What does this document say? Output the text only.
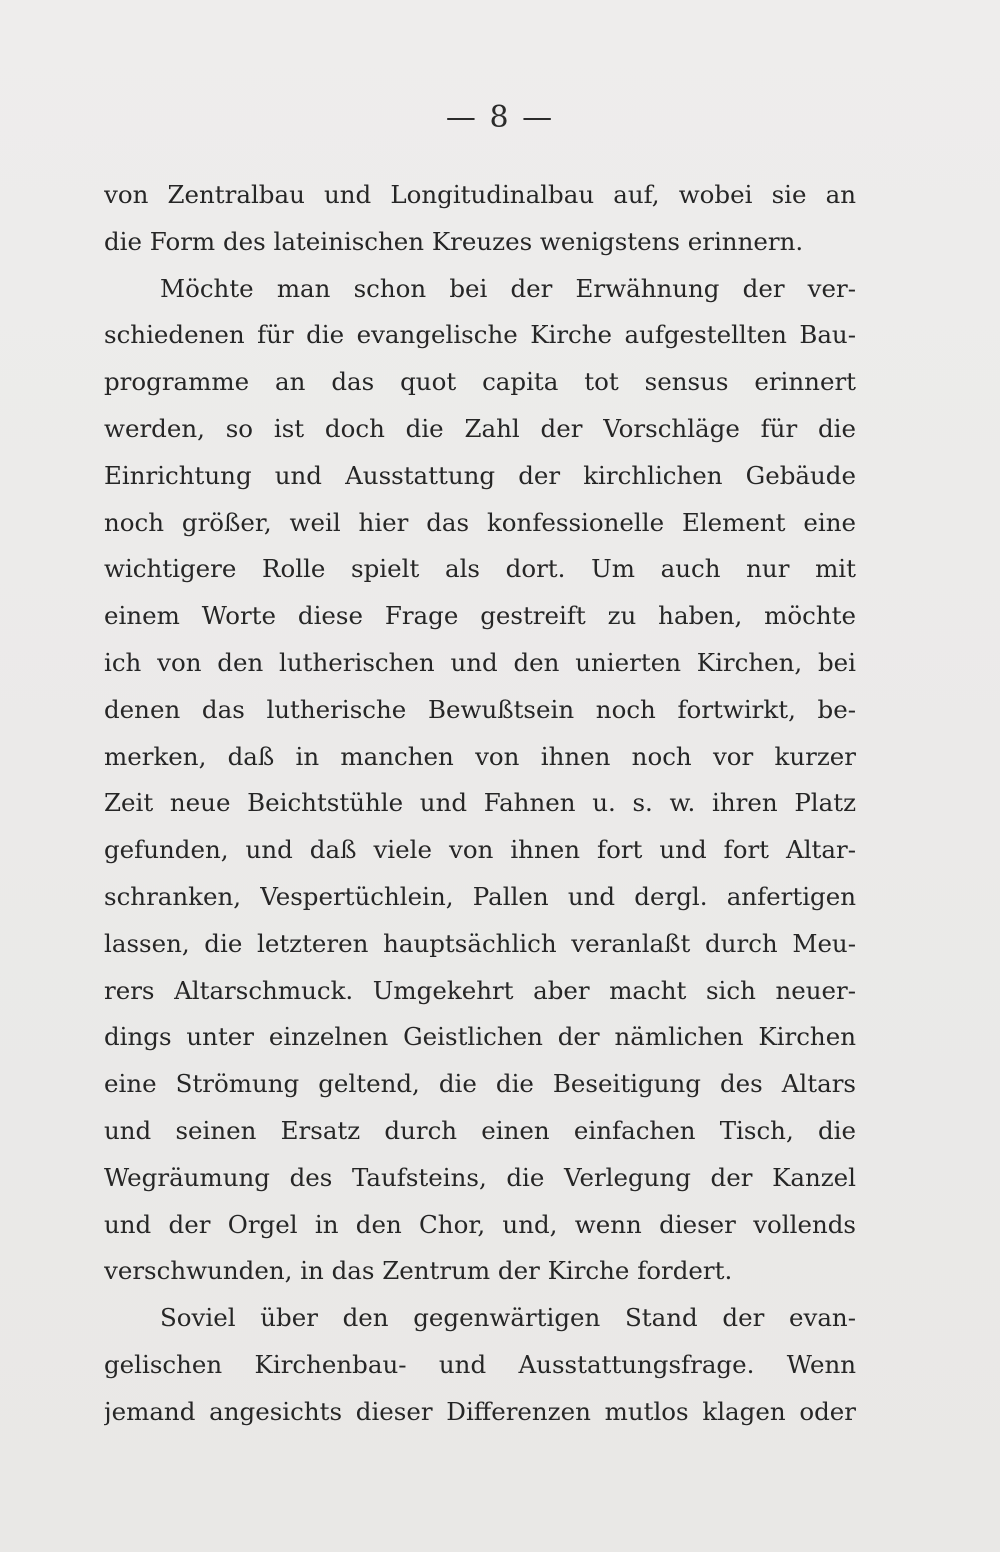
— 8 —
von Zentralbau und Longitudinalbau auf, wobei sie an
die Form des lateinischen Kreuzes wenigstens erinnern.
Möchte man schon bei der Erwähnung der ver-
schiedenen für die evangelische Kirche aufgestellten Bau-
programme an das quot capita tot sensus erinnert
werden, so ist doch die Zahl der Vorschläge für die
Einrichtung und Ausstattung der kirchlichen Gebäude
noch größer, weil hier das konfessionelle Element eine
wichtigere Rolle spielt als dort. Um auch nur mit
einem Worte diese Frage gestreift zu haben, möchte
ich von den lutherischen und den unierten Kirchen, bei
denen das lutherische Bewußtsein noch fortwirkt, be-
merken, daß in manchen von ihnen noch vor kurzer
Zeit neue Beichtstühle und Fahnen u. s. w. ihren Platz
gefunden, und daß viele von ihnen fort und fort Altar-
schranken, Vespertüchlein, Pallen und dergl. anfertigen
lassen, die letzteren hauptsächlich veranlaßt durch Meu-
rers Altarschmuck. Umgekehrt aber macht sich neuer-
dings unter einzelnen Geistlichen der nämlichen Kirchen
eine Strömung geltend, die die Beseitigung des Altars
und seinen Ersatz durch einen einfachen Tisch, die
Wegräumung des Taufsteins, die Verlegung der Kanzel
und der Orgel in den Chor, und, wenn dieser vollends
verschwunden, in das Zentrum der Kirche fordert.
Soviel über den gegenwärtigen Stand der evan-
gelischen Kirchenbau- und Ausstattungsfrage. Wenn
jemand angesichts dieser Differenzen mutlos klagen oder
